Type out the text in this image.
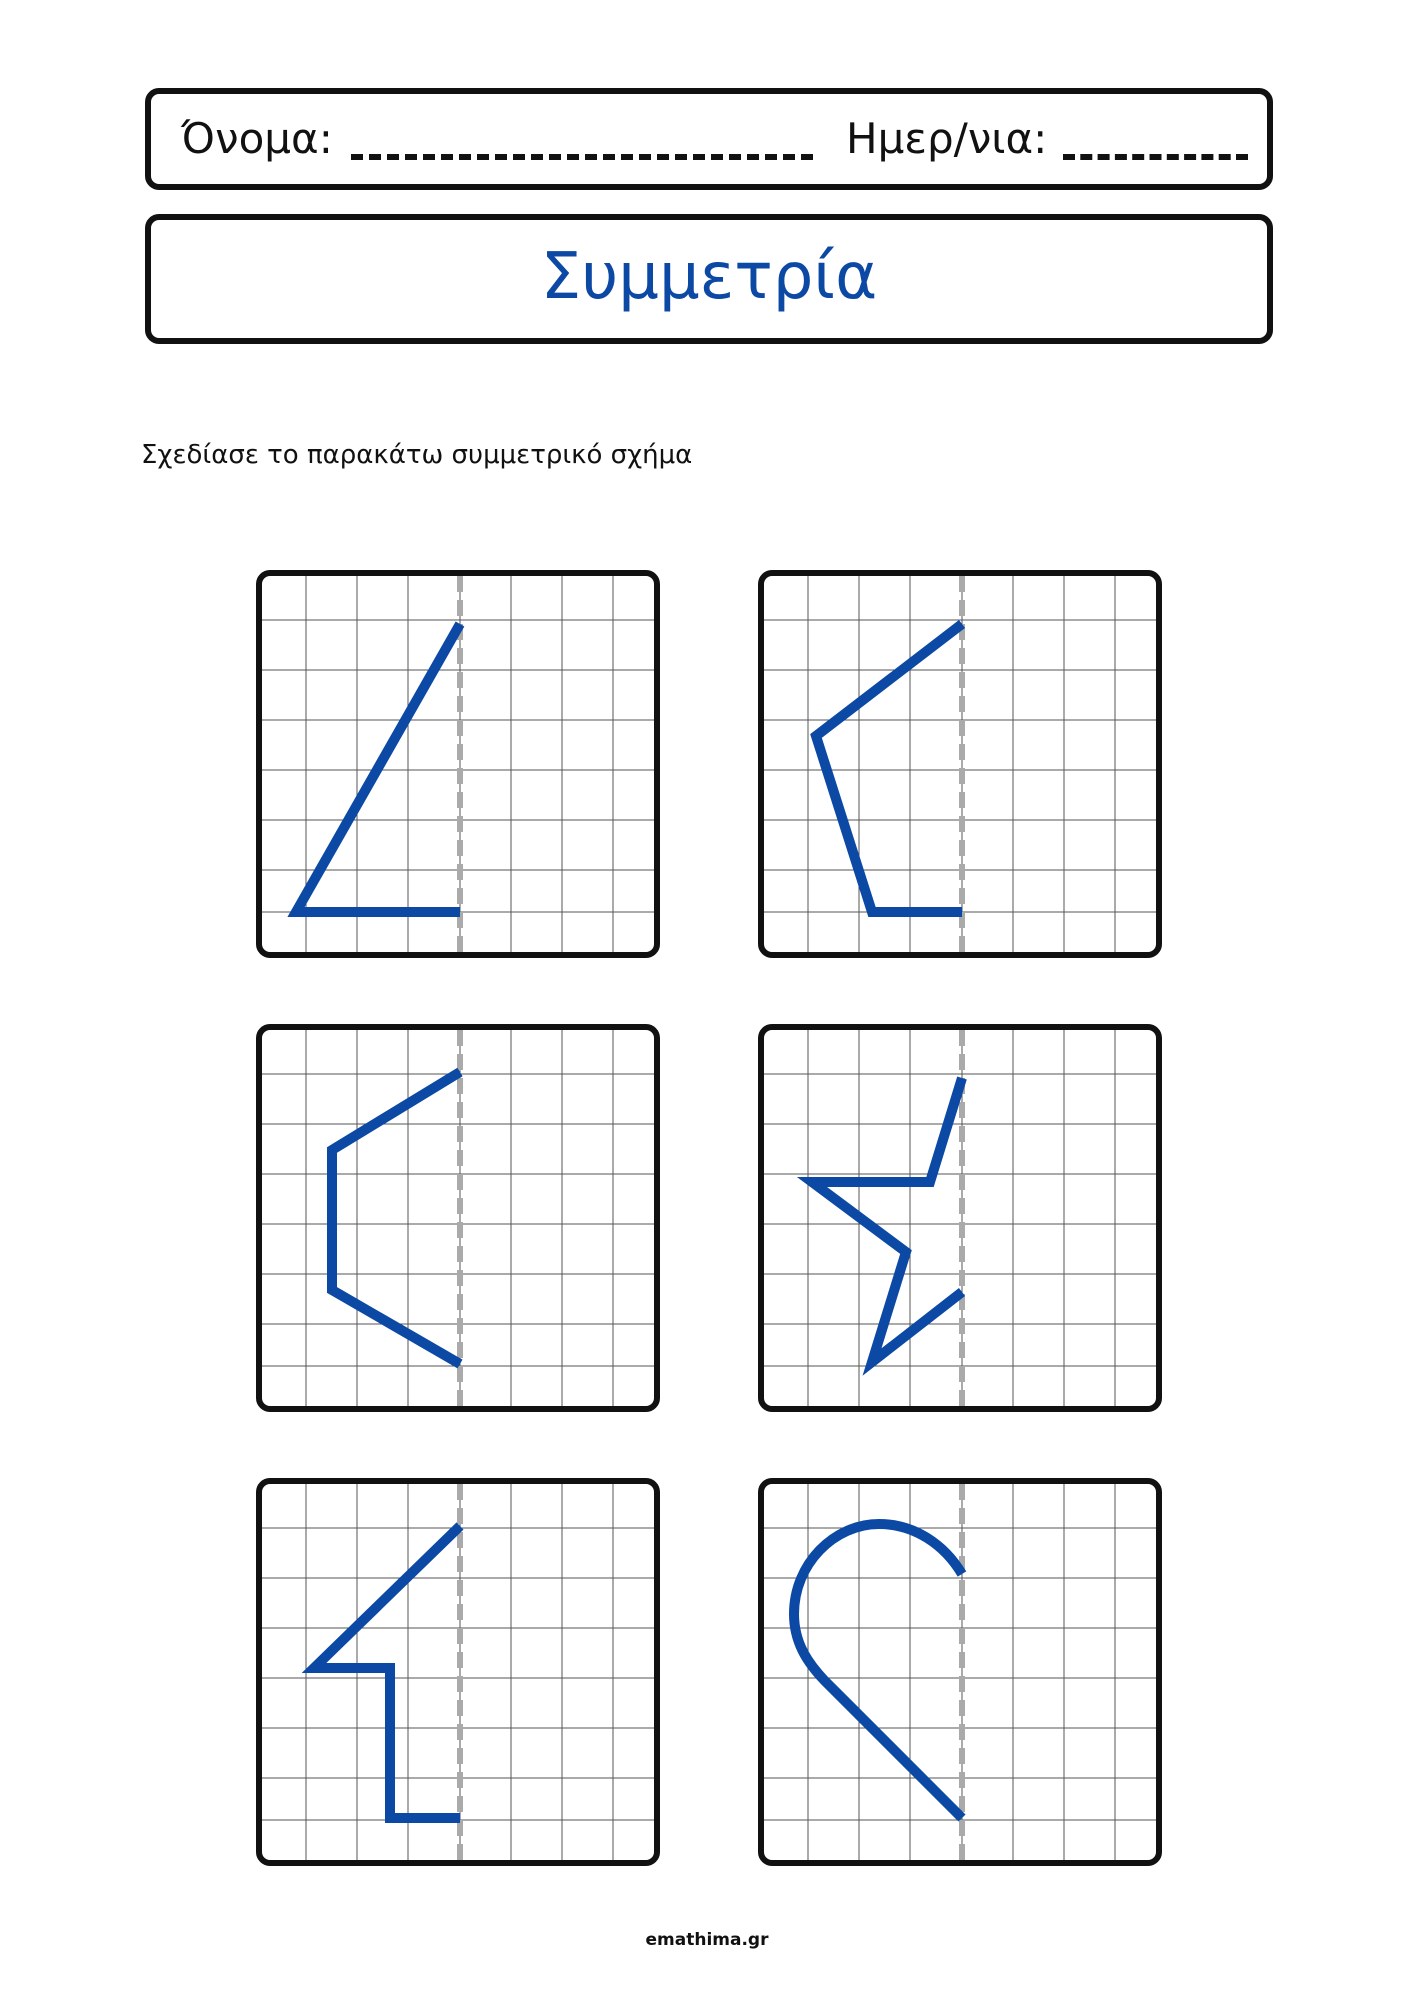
Όνομα:	Ημερ/νια:
Συμμετρία
Σχεδίασε το παρακάτω συμμετρικό σχήμα
emathima.gr
